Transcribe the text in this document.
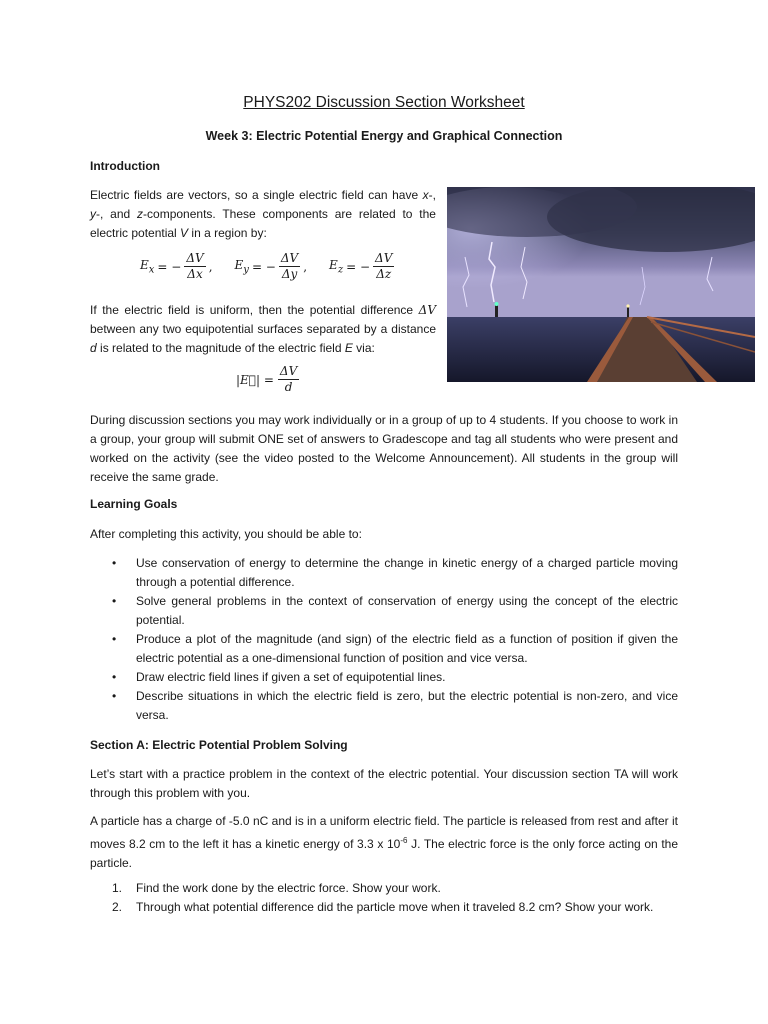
PHYS202 Discussion Section Worksheet
Week 3: Electric Potential Energy and Graphical Connection
Introduction
Electric fields are vectors, so a single electric field can have x-, y-, and z-components. These components are related to the electric potential V in a region by:
$E_x$ = − $\frac{\Delta V}{\Delta x}$ , $E_y$ = − $\frac{\Delta V}{\Delta y}$ , $E_z$ = − $\frac{\Delta V}{\Delta z}$
If the electric field is uniform, then the potential difference ΔV between any two equipotential surfaces separated by a distance d is related to the magnitude of the electric field E via:
|E⃗| = $\frac{\Delta V}{d}$
During discussion sections you may work individually or in a group of up to 4 students. If you choose to work in a group, your group will submit ONE set of answers to Gradescope and tag all students who were present and worked on the activity (see the video posted to the Welcome Announcement). All students in the group will receive the same grade.
Learning Goals
After completing this activity, you should be able to:
• Use conservation of energy to determine the change in kinetic energy of a charged particle moving through a potential difference.
• Solve general problems in the context of conservation of energy using the concept of the electric potential.
• Produce a plot of the magnitude (and sign) of the electric field as a function of position if given the electric potential as a one-dimensional function of position and vice versa.
• Draw electric field lines if given a set of equipotential lines.
• Describe situations in which the electric field is zero, but the electric potential is non-zero, and vice versa.
Section A: Electric Potential Problem Solving
Let’s start with a practice problem in the context of the electric potential. Your discussion section TA will work through this problem with you.
A particle has a charge of -5.0 nC and is in a uniform electric field. The particle is released from rest and after it moves 8.2 cm to the left it has a kinetic energy of 3.3 x $10^{-6}$ J. The electric force is the only force acting on the particle.
1. Find the work done by the electric force. Show your work.
2. Through what potential difference did the particle move when it traveled 8.2 cm? Show your work.
